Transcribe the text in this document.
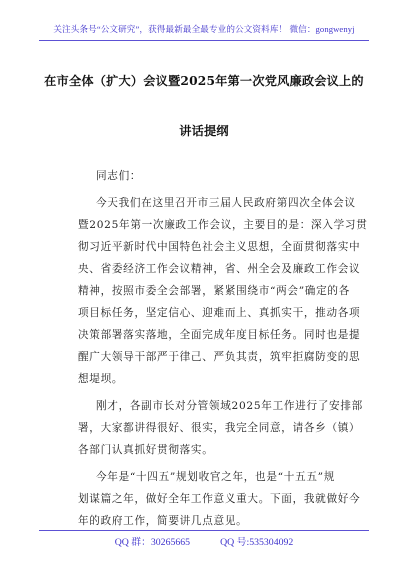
关注头条号“公文研究”，获得最新最全最专业的公文资料库！ 微信：gongwenyj
在市全体（扩大）会议暨2025年第一次党风廉政会议上的
讲话提纲
同志们：
今天我们在这里召开市三届人民政府第四次全体会议
暨2025年第一次廉政工作会议，主要目的是：深入学习贯
彻习近平新时代中国特色社会主义思想，全面贯彻落实中
央、省委经济工作会议精神，省、州全会及廉政工作会议
精神，按照市委全会部署，紧紧围绕市“两会”确定的各
项目标任务，坚定信心、迎难而上、真抓实干，推动各项
决策部署落实落地，全面完成年度目标任务。同时也是提
醒广大领导干部严于律己、严负其责，筑牢拒腐防变的思
想堤坝。
刚才，各副市长对分管领域2025年工作进行了安排部
署，大家都讲得很好、很实，我完全同意，请各乡（镇）
各部门认真抓好贯彻落实。
今年是“十四五”规划收官之年，也是“十五五”规
划谋篇之年，做好全年工作意义重大。下面，我就做好今
年的政府工作，简要讲几点意见。
QQ 群：30265665	QQ 号:535304092
